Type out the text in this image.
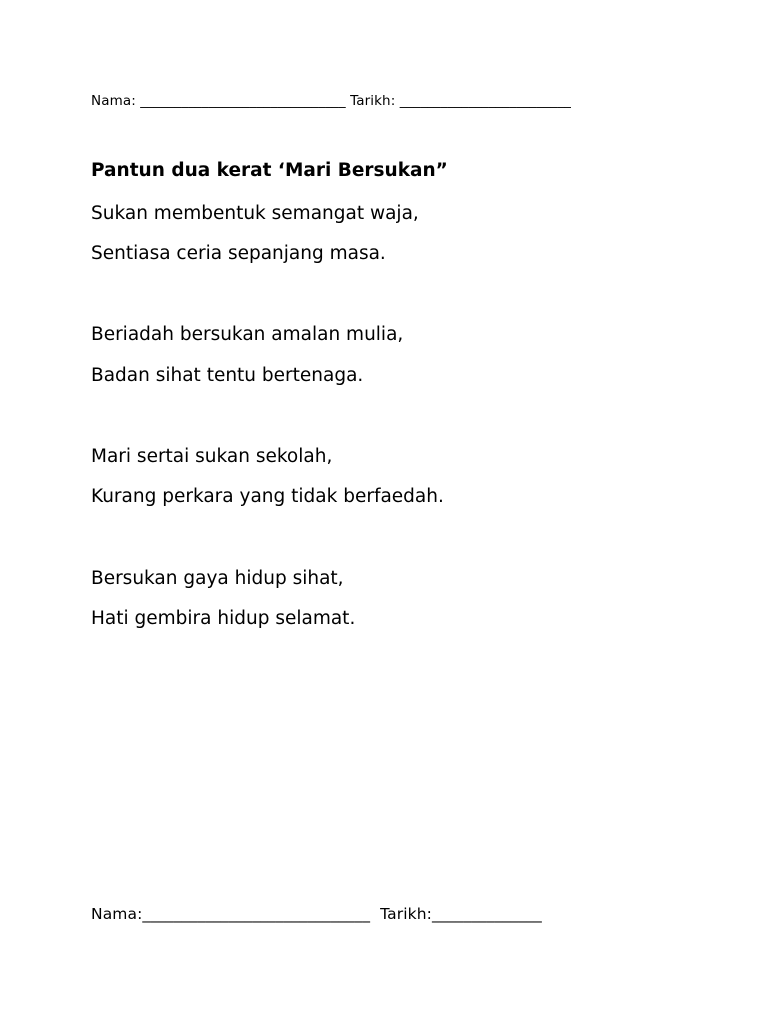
Nama: ______________________________ Tarikh: _________________________
Pantun dua kerat ‘Mari Bersukan”
Sukan membentuk semangat waja,
Sentiasa ceria sepanjang masa.
Beriadah bersukan amalan mulia,
Badan sihat tentu bertenaga.
Mari sertai sukan sekolah,
Kurang perkara yang tidak berfaedah.
Bersukan gaya hidup sihat,
Hati gembira hidup selamat.
Nama:_____________________________ Tarikh:______________
